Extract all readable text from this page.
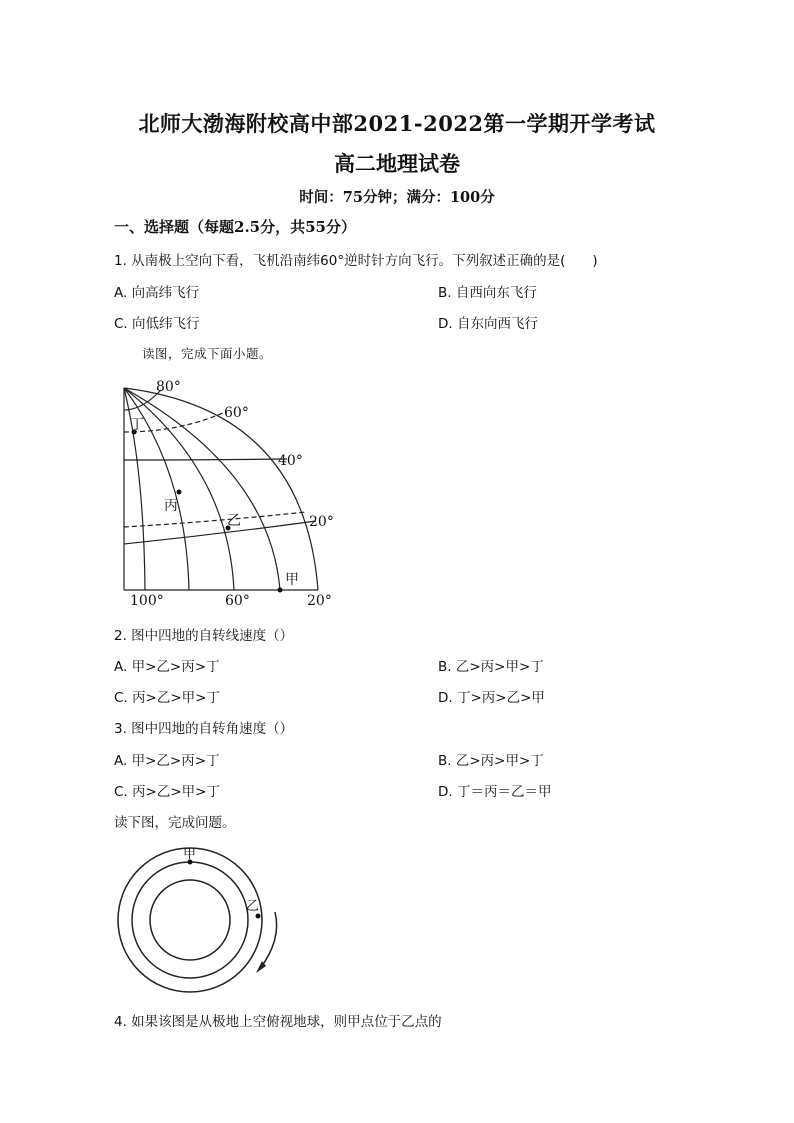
北师大渤海附校高中部2021-2022第一学期开学考试
高二地理试卷
时间：75分钟；满分：100分
一、选择题（每题2.5分，共55分）
1. 从南极上空向下看，飞机沿南纬60°逆时针方向飞行。下列叙述正确的是(　　)
A. 向高纬飞行	B. 自西向东飞行
C. 向低纬飞行	D. 自东向西飞行
读图，完成下面小题。
80°
60°
40°
20°
100°	60°	20°
丁
丙
乙
甲
2. 图中四地的自转线速度（）
A. 甲>乙>丙>丁	B. 乙>丙>甲>丁
C. 丙>乙>甲>丁	D. 丁>丙>乙>甲
3. 图中四地的自转角速度（）
A. 甲>乙>丙>丁	B. 乙>丙>甲>丁
C. 丙>乙>甲>丁	D. 丁＝丙＝乙＝甲
读下图，完成问题。
甲
乙
4. 如果该图是从极地上空俯视地球，则甲点位于乙点的
